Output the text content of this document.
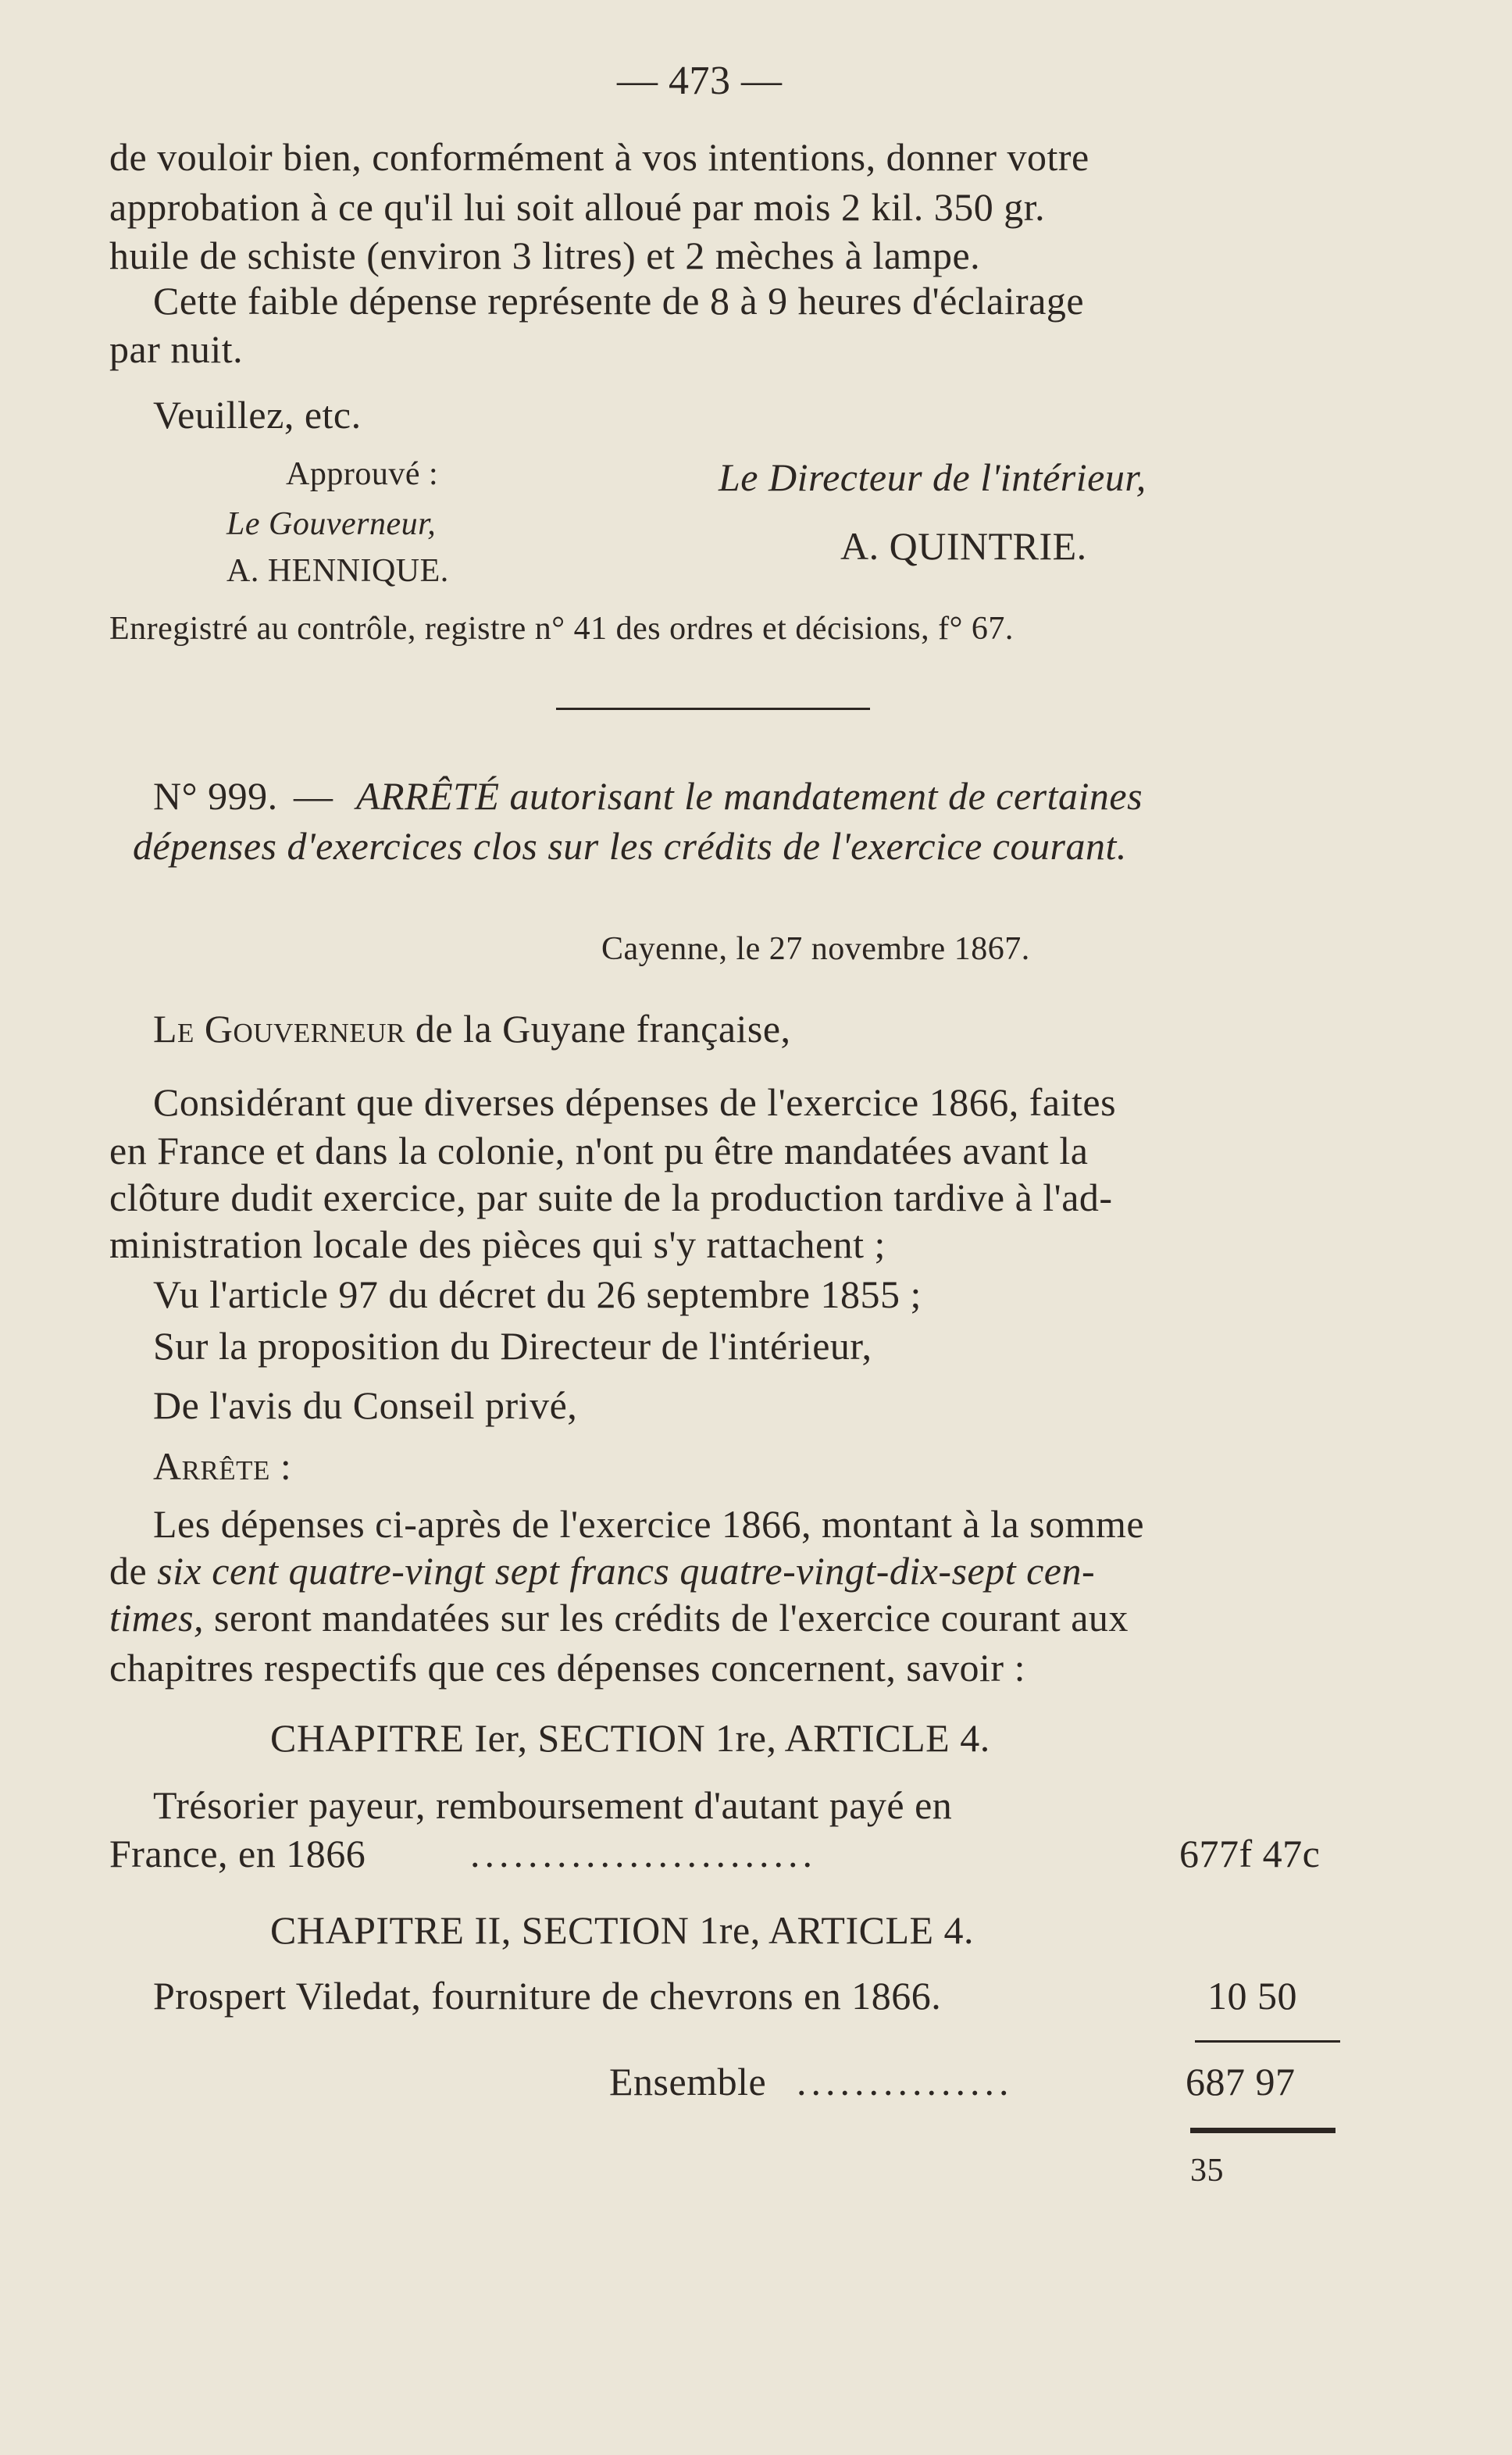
— 473 —
de vouloir bien, conformément à vos intentions, donner votre
approbation à ce qu'il lui soit alloué par mois 2 kil. 350 gr.
huile de schiste (environ 3 litres) et 2 mèches à lampe.
Cette faible dépense représente de 8 à 9 heures d'éclairage
par nuit.
Veuillez, etc.
Approuvé :
Le Gouverneur,
A. HENNIQUE.
Le Directeur de l'intérieur,
A. QUINTRIE.
Enregistré au contrôle, registre n° 41 des ordres et décisions, f° 67.
N° 999. — ARRÊTÉ autorisant le mandatement de certaines
dépenses d'exercices clos sur les crédits de l'exercice courant.
Cayenne, le 27 novembre 1867.
Le Gouverneur de la Guyane française,
Considérant que diverses dépenses de l'exercice 1866, faites
en France et dans la colonie, n'ont pu être mandatées avant la
clôture dudit exercice, par suite de la production tardive à l'ad-
ministration locale des pièces qui s'y rattachent ;
Vu l'article 97 du décret du 26 septembre 1855 ;
Sur la proposition du Directeur de l'intérieur,
De l'avis du Conseil privé,
Arrête :
Les dépenses ci-après de l'exercice 1866, montant à la somme
de six cent quatre-vingt sept francs quatre-vingt-dix-sept cen-
times, seront mandatées sur les crédits de l'exercice courant aux
chapitres respectifs que ces dépenses concernent, savoir :
CHAPITRE Ier, SECTION 1re, ARTICLE 4.
Trésorier payeur, remboursement d'autant payé en
France, en 1866	........................	677f 47c
CHAPITRE II, SECTION 1re, ARTICLE 4.
Prospert Viledat, fourniture de chevrons en 1866.	10 50
Ensemble ...............	687 97
35
